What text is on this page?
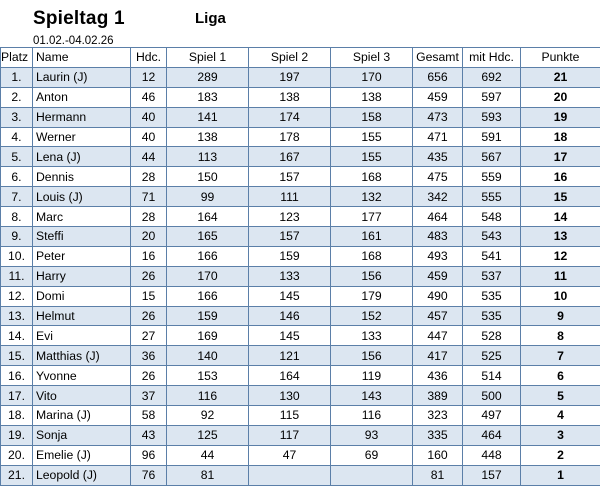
Spieltag 1	Liga
01.02.-04.02.26
Platz	Name	Hdc.	Spiel 1	Spiel 2	Spiel 3	Gesamt	mit Hdc.	Punkte
1.	Laurin (J)	12	289	197	170	656	692	21
2.	Anton	46	183	138	138	459	597	20
3.	Hermann	40	141	174	158	473	593	19
4.	Werner	40	138	178	155	471	591	18
5.	Lena (J)	44	113	167	155	435	567	17
6.	Dennis	28	150	157	168	475	559	16
7.	Louis (J)	71	99	111	132	342	555	15
8.	Marc	28	164	123	177	464	548	14
9.	Steffi	20	165	157	161	483	543	13
10.	Peter	16	166	159	168	493	541	12
11.	Harry	26	170	133	156	459	537	11
12.	Domi	15	166	145	179	490	535	10
13.	Helmut	26	159	146	152	457	535	9
14.	Evi	27	169	145	133	447	528	8
15.	Matthias (J)	36	140	121	156	417	525	7
16.	Yvonne	26	153	164	119	436	514	6
17.	Vito	37	116	130	143	389	500	5
18.	Marina (J)	58	92	115	116	323	497	4
19.	Sonja	43	125	117	93	335	464	3
20.	Emelie (J)	96	44	47	69	160	448	2
21.	Leopold (J)	76	81			81	157	1
